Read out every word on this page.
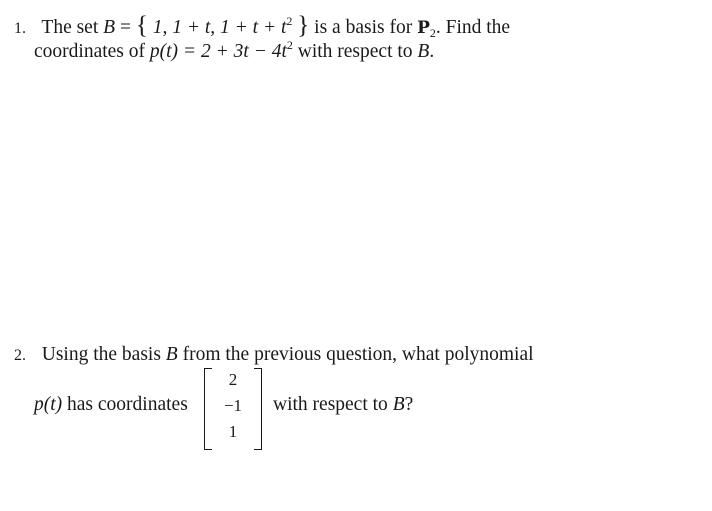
1. The set B = { 1, 1 + t, $1 + t + t^2$ } is a basis for $P_2$. Find the
coordinates of $p(t) = 2 + 3t - 4t^2$ with respect to B.
2. Using the basis B from the previous question, what polynomial
p(t) has coordinates
2
−1
1
with respect to B?
